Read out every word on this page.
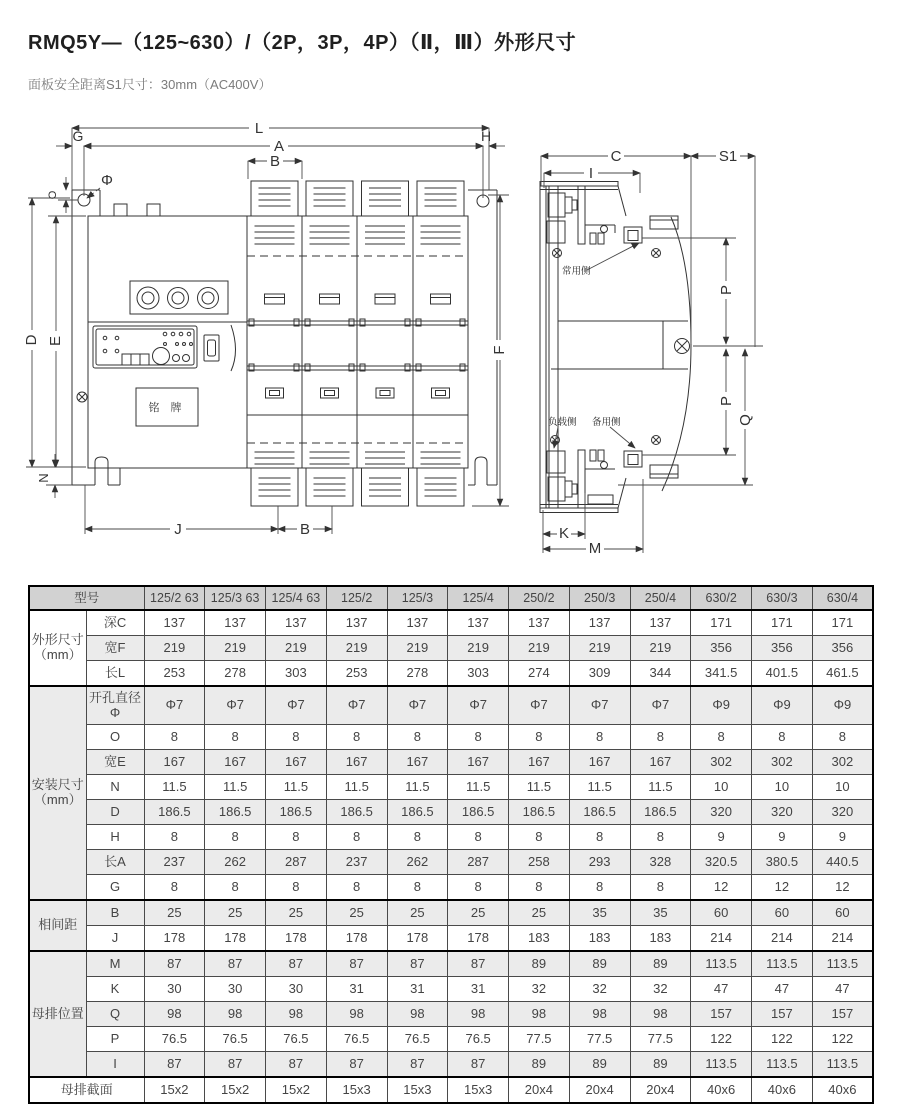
RMQ5Y—（125~630）/（2P，3P，4P）（Ⅱ，Ⅲ）外形尺寸
面板安全距离S1尺寸：30mm（AC400V）
铭 牌
L
A
G	H
B
Φ
O
D E
N
F
J	B
C	S1
I
P
P
Q
K
M
常用侧
负载侧 备用侧
型号		125/2 63	125/3 63	125/4 63	125/2	125/3	125/4	250/2	250/3	250/4	630/2	630/3	630/4
外形尺寸（mm）	深C	137	137	137	137	137	137	137	137	137	171	171	171
	宽F	219	219	219	219	219	219	219	219	219	356	356	356
	长L	253	278	303	253	278	303	274	309	344	341.5	401.5	461.5
安装尺寸（mm）	开孔直径Φ	Φ7	Φ7	Φ7	Φ7	Φ7	Φ7	Φ7	Φ7	Φ7	Φ9	Φ9	Φ9
	O	8	8	8	8	8	8	8	8	8	8	8	8
	宽E	167	167	167	167	167	167	167	167	167	302	302	302
	N	11.5	11.5	11.5	11.5	11.5	11.5	11.5	11.5	11.5	10	10	10
	D	186.5	186.5	186.5	186.5	186.5	186.5	186.5	186.5	186.5	320	320	320
	H	8	8	8	8	8	8	8	8	8	9	9	9
	长A	237	262	287	237	262	287	258	293	328	320.5	380.5	440.5
	G	8	8	8	8	8	8	8	8	8	12	12	12
相间距	B	25	25	25	25	25	25	25	35	35	60	60	60
	J	178	178	178	178	178	178	183	183	183	214	214	214
母排位置	M	87	87	87	87	87	87	89	89	89	113.5	113.5	113.5
	K	30	30	30	31	31	31	32	32	32	47	47	47
	Q	98	98	98	98	98	98	98	98	98	157	157	157
	P	76.5	76.5	76.5	76.5	76.5	76.5	77.5	77.5	77.5	122	122	122
	I	87	87	87	87	87	87	89	89	89	113.5	113.5	113.5
母排截面		15x2	15x2	15x2	15x3	15x3	15x3	20x4	20x4	20x4	40x6	40x6	40x6
